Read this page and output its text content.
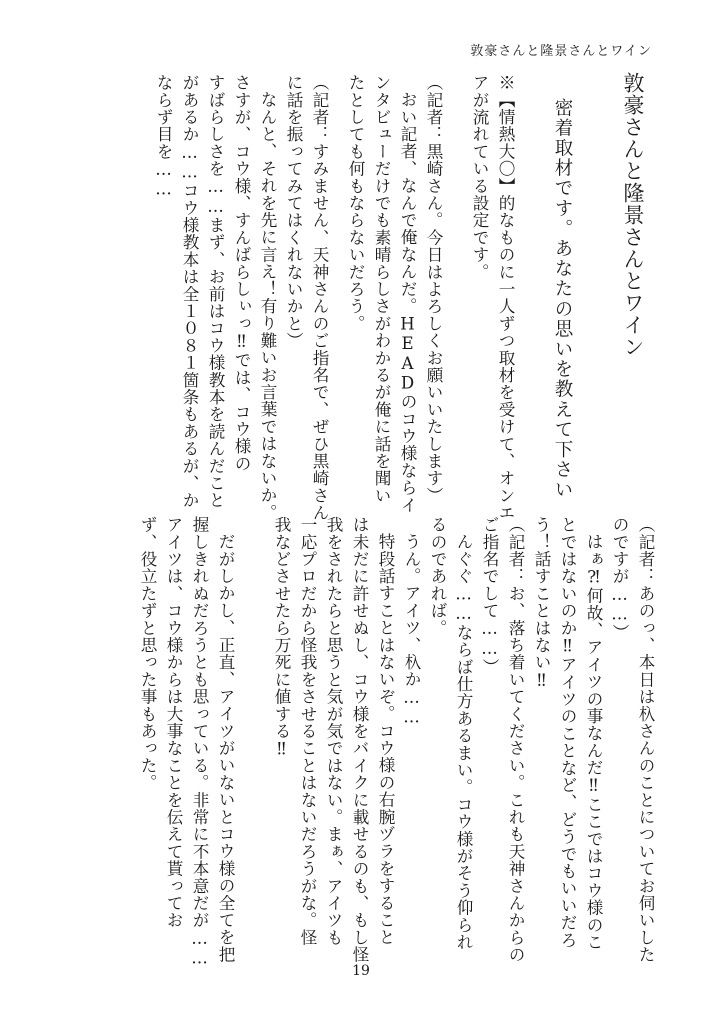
敦豪さんと隆景さんとワイン
敦豪さんと隆景さんとワイン
密着取材です。あなたの思いを教えて下さい
※【情熱大〇】的なものに一人ずつ取材を受けて、オンエ
アが流れている設定です。
（記者：黒崎さん。今日はよろしくお願いいたします）
おい記者、なんで俺なんだ。HEADのコウ様ならイ
ンタビューだけでも素晴らしさがわかるが俺に話を聞い
たとしても何もならないだろう。
（記者：すみません、天神さんのご指名で、ぜひ黒崎さん
に話を振ってみてはくれないかと）
なんと、それを先に言え！有り難いお言葉ではないか。
さすが、コウ様、すんばらしぃっ‼では、コウ様の
すばらしさを……まず、お前はコウ様教本を読んだこと
があるか……コウ様教本は全１０８１箇条もあるが、か
ならず目を……
（記者：あのっ、本日は杁さんのことについてお伺いした
のですが……）
はぁ⁈何故、アイツの事なんだ‼ここではコウ様のこ
とではないのか‼アイツのことなど、どうでもいいだろ
う！話すことはない‼
（記者：お、落ち着いてください。これも天神さんからの
ご指名でして……）
んぐぐ……ならば仕方あるまい。コウ様がそう仰られ
るのであれば。
うん。アイツ、杁か……
特段話すことはないぞ。コウ様の右腕ヅラをすること
は未だに許せぬし、コウ様をバイクに載せるのも、もし怪
我をされたらと思うと気が気ではない。まぁ、アイツも
一応プロだから怪我をさせることはないだろうがな。怪
我などさせたら万死に値する‼
だがしかし、正直、アイツがいないとコウ様の全てを把
握しきれぬだろうとも思っている。非常に不本意だが……
アイツは、コウ様からは大事なことを伝えて貰ってお
ず、役立たずと思った事もあった。
19
